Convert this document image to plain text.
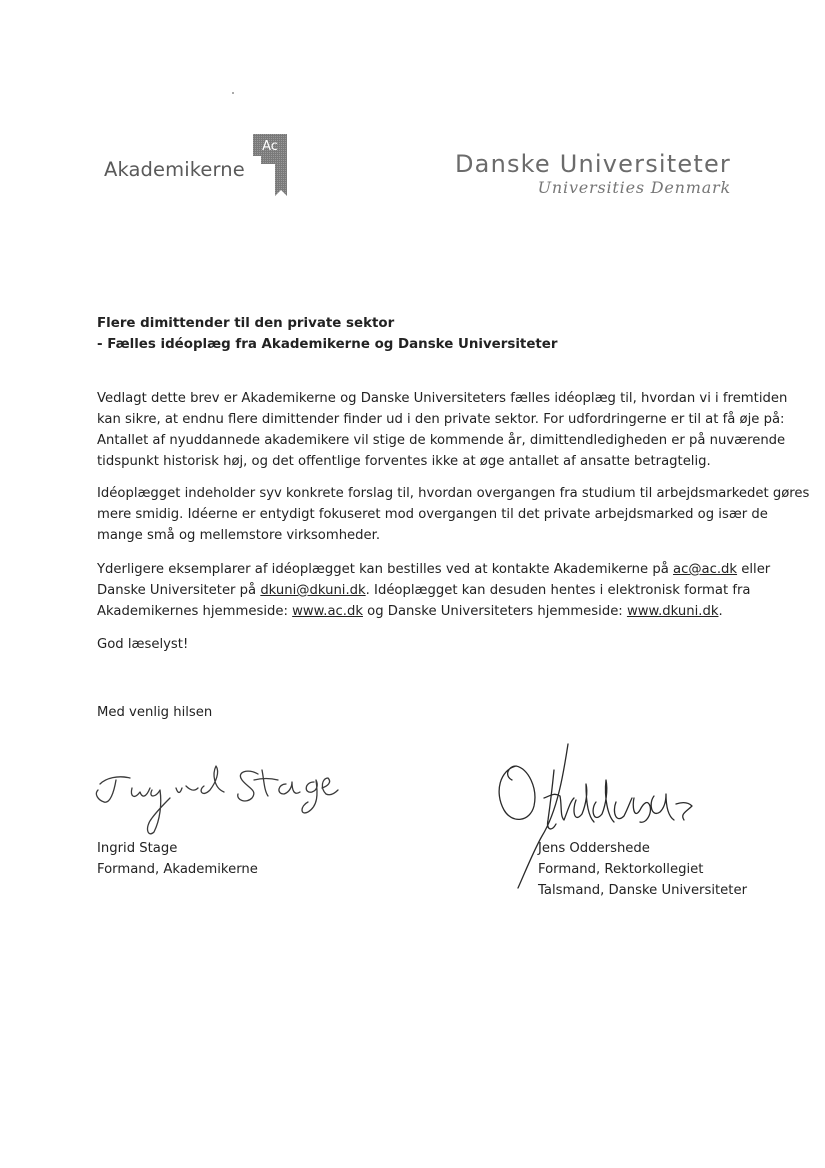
Akademikerne
Ac
Danske Universiteter
Universities Denmark
Flere dimittender til den private sektor
- Fælles idéoplæg fra Akademikerne og Danske Universiteter
Vedlagt dette brev er Akademikerne og Danske Universiteters fælles idéoplæg til, hvordan vi i fremtiden
kan sikre, at endnu flere dimittender finder ud i den private sektor. For udfordringerne er til at få øje på:
Antallet af nyuddannede akademikere vil stige de kommende år, dimittendledigheden er på nuværende
tidspunkt historisk høj, og det offentlige forventes ikke at øge antallet af ansatte betragtelig.
Idéoplægget indeholder syv konkrete forslag til, hvordan overgangen fra studium til arbejdsmarkedet gøres
mere smidig. Idéerne er entydigt fokuseret mod overgangen til det private arbejdsmarked og især de
mange små og mellemstore virksomheder.
Yderligere eksemplarer af idéoplægget kan bestilles ved at kontakte Akademikerne på ac@ac.dk eller
Danske Universiteter på dkuni@dkuni.dk. Idéoplægget kan desuden hentes i elektronisk format fra
Akademikernes hjemmeside: www.ac.dk og Danske Universiteters hjemmeside: www.dkuni.dk.
God læselyst!
Med venlig hilsen
Ingrid Stage
Formand, Akademikerne
Jens Oddershede
Formand, Rektorkollegiet
Talsmand, Danske Universiteter
